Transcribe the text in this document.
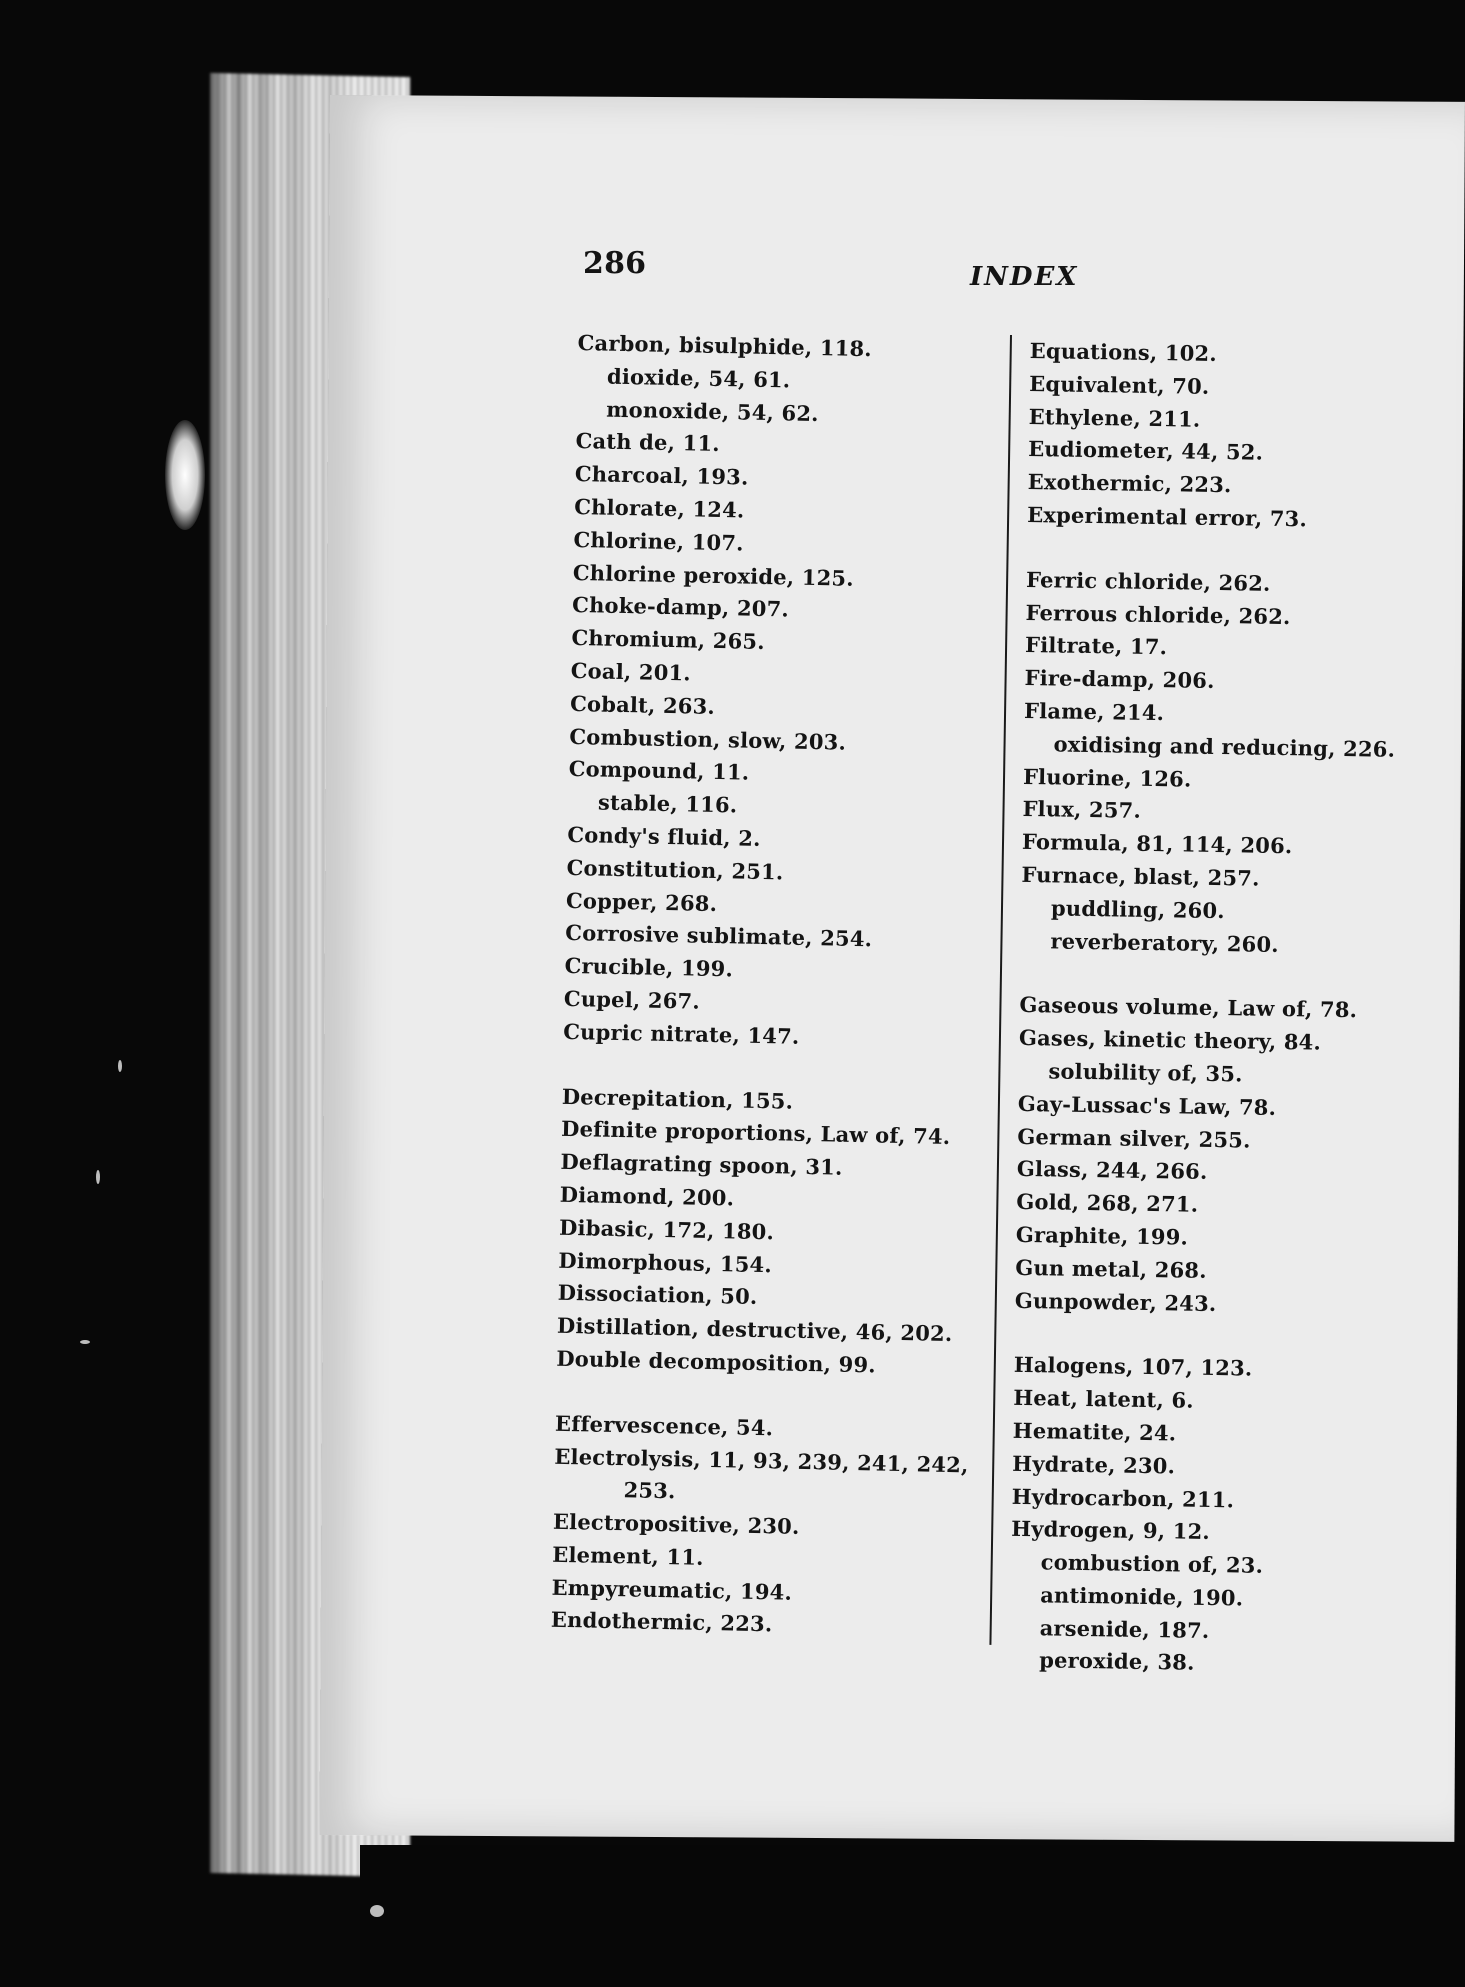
286	INDEX
Carbon, bisulphide, 118.
dioxide, 54, 61.
monoxide, 54, 62.
Cath de, 11.
Charcoal, 193.
Chlorate, 124.
Chlorine, 107.
Chlorine peroxide, 125.
Choke-damp, 207.
Chromium, 265.
Coal, 201.
Cobalt, 263.
Combustion, slow, 203.
Compound, 11.
stable, 116.
Condy's fluid, 2.
Constitution, 251.
Copper, 268.
Corrosive sublimate, 254.
Crucible, 199.
Cupel, 267.
Cupric nitrate, 147.
Decrepitation, 155.
Definite proportions, Law of, 74.
Deflagrating spoon, 31.
Diamond, 200.
Dibasic, 172, 180.
Dimorphous, 154.
Dissociation, 50.
Distillation, destructive, 46, 202.
Double decomposition, 99.
Effervescence, 54.
Electrolysis, 11, 93, 239, 241, 242,
253.
Electropositive, 230.
Element, 11.
Empyreumatic, 194.
Endothermic, 223.
Equations, 102.
Equivalent, 70.
Ethylene, 211.
Eudiometer, 44, 52.
Exothermic, 223.
Experimental error, 73.
Ferric chloride, 262.
Ferrous chloride, 262.
Filtrate, 17.
Fire-damp, 206.
Flame, 214.
oxidising and reducing, 226.
Fluorine, 126.
Flux, 257.
Formula, 81, 114, 206.
Furnace, blast, 257.
puddling, 260.
reverberatory, 260.
Gaseous volume, Law of, 78.
Gases, kinetic theory, 84.
solubility of, 35.
Gay-Lussac's Law, 78.
German silver, 255.
Glass, 244, 266.
Gold, 268, 271.
Graphite, 199.
Gun metal, 268.
Gunpowder, 243.
Halogens, 107, 123.
Heat, latent, 6.
Hematite, 24.
Hydrate, 230.
Hydrocarbon, 211.
Hydrogen, 9, 12.
combustion of, 23.
antimonide, 190.
arsenide, 187.
peroxide, 38.
